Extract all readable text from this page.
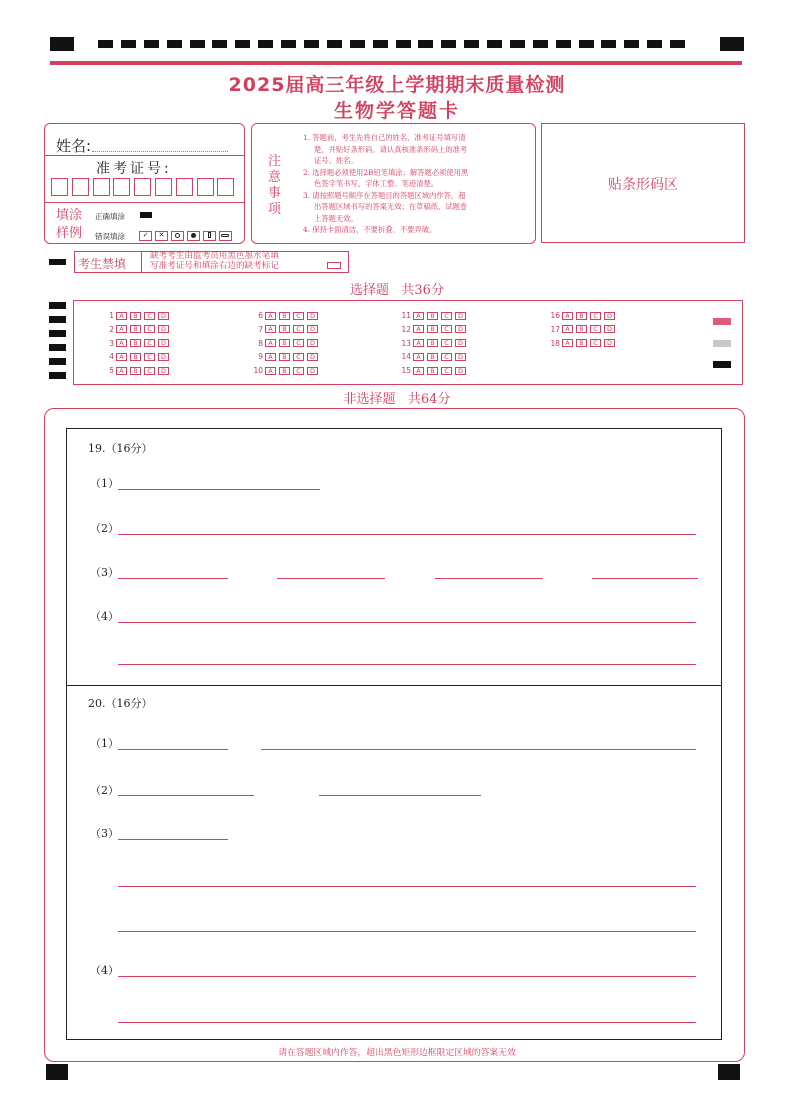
2025届高三年级上学期期末质量检测
生物学答题卡
姓名:
准考证号:
填涂
样例
正确填涂
错误填涂	✓	✕
注
意
事
项
1. 答题前，考生先将自己的姓名、准考证号填写清
楚，并贴好条形码。请认真核准条形码上的准考
证号、姓名。
2. 选择题必须使用2B铅笔填涂；解答题必须使用黑
色签字笔书写，字体工整、笔迹清楚。
3. 请按照题号顺序在答题目的答题区域内作答，超
出答题区域书写的答案无效；在草稿纸、试题卷
上答题无效。
4. 保持卡面清洁，不要折叠、不要弄破。
贴条形码区
考生禁填
缺考考生由监考员用黑色墨水笔填
写准考证号和填涂右边的缺考标记
选择题   共36分
1 A	B	C	D
2 A	B	C	D
3 A	B	C	D
4 A	B	C	D
5 A	B	C	D
6 A	B	C	D
7 A	B	C	D
8 A	B	C	D
9 A	B	C	D
10 A	B	C	D
11 A	B	C	D
12 A	B	C	D
13 A	B	C	D
14 A	B	C	D
15 A	B	C	D
16 A	B	C	D
17 A	B	C	D
18 A	B	C	D
非选择题   共64分
19.（16分）
（1）
（2）
（3）
（4）
20.（16分）
（1）
（2）
（3）
（4）
请在答题区域内作答，超出黑色矩形边框限定区域的答案无效
